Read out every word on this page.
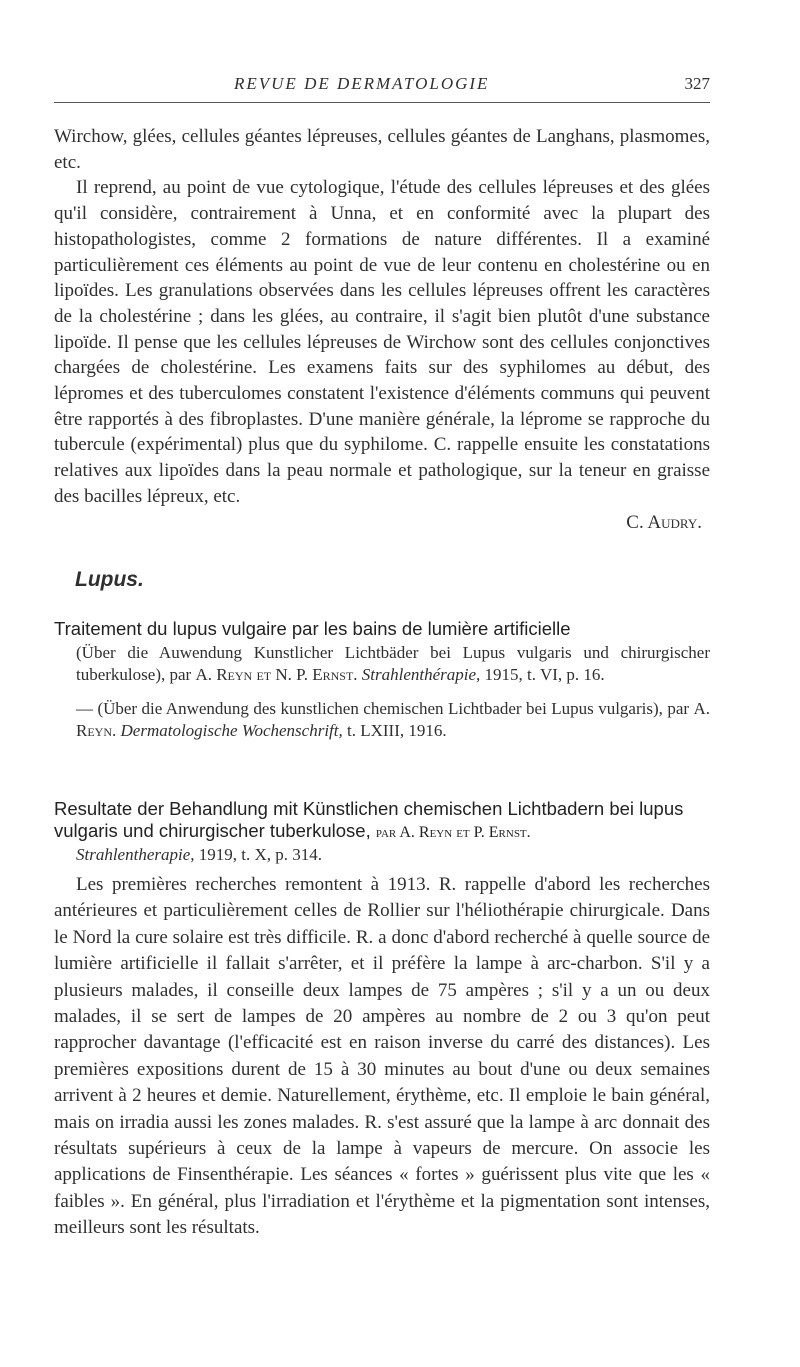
REVUE DE DERMATOLOGIE	327

Wirchow, glées, cellules géantes lépreuses, cellules géantes de Langhans, plasmomes, etc.

Il reprend, au point de vue cytologique, l'étude des cellules lépreuses et des glées qu'il considère, contrairement à Unna, et en conformité avec la plupart des histopathologistes, comme 2 formations de nature différentes. Il a examiné particulièrement ces éléments au point de vue de leur contenu en cholestérine ou en lipoïdes. Les granulations observées dans les cellules lépreuses offrent les caractères de la cholestérine ; dans les glées, au contraire, il s'agit bien plutôt d'une substance lipoïde. Il pense que les cellules lépreuses de Wirchow sont des cellules conjonctives chargées de cholestérine. Les examens faits sur des syphilomes au début, des lépromes et des tuberculomes constatent l'existence d'éléments communs qui peuvent être rapportés à des fibroplastes. D'une manière générale, la léprome se rapproche du tubercule (expérimental) plus que du syphilome. C. rappelle ensuite les constatations relatives aux lipoïdes dans la peau normale et pathologique, sur la teneur en graisse des bacilles lépreux, etc.

C. Audry.

Lupus.
Traitement du lupus vulgaire par les bains de lumière artificielle
(Über die Auwendung Kunstlicher Lichtbäder bei Lupus vulgaris und chirurgischer tuberkulose), par A. Reyn et N. P. Ernst. Strahlenthérapie, 1915, t. VI, p. 16.
— (Über die Anwendung des kunstlichen chemischen Lichtbader bei Lupus vulgaris), par A. Reyn. Dermatologische Wochenschrift, t. LXIII, 1916.
Resultate der Behandlung mit Künstlichen chemischen Lichtbadern bei lupus vulgaris und chirurgischer tuberkulose, par A. Reyn et P. Ernst.
Strahlentherapie, 1919, t. X, p. 314.

Les premières recherches remontent à 1913. R. rappelle d'abord les recherches antérieures et particulièrement celles de Rollier sur l'héliothérapie chirurgicale. Dans le Nord la cure solaire est très difficile. R. a donc d'abord recherché à quelle source de lumière artificielle il fallait s'arrêter, et il préfère la lampe à arc-charbon. S'il y a plusieurs malades, il conseille deux lampes de 75 ampères ; s'il y a un ou deux malades, il se sert de lampes de 20 ampères au nombre de 2 ou 3 qu'on peut rapprocher davantage (l'efficacité est en raison inverse du carré des distances). Les premières expositions durent de 15 à 30 minutes au bout d'une ou deux semaines arrivent à 2 heures et demie. Naturellement, érythème, etc. Il emploie le bain général, mais on irradia aussi les zones malades. R. s'est assuré que la lampe à arc donnait des résultats supérieurs à ceux de la lampe à vapeurs de mercure. On associe les applications de Finsenthérapie. Les séances « fortes » guérissent plus vite que les « faibles ». En général, plus l'irradiation et l'érythème et la pigmentation sont intenses, meilleurs sont les résultats.
